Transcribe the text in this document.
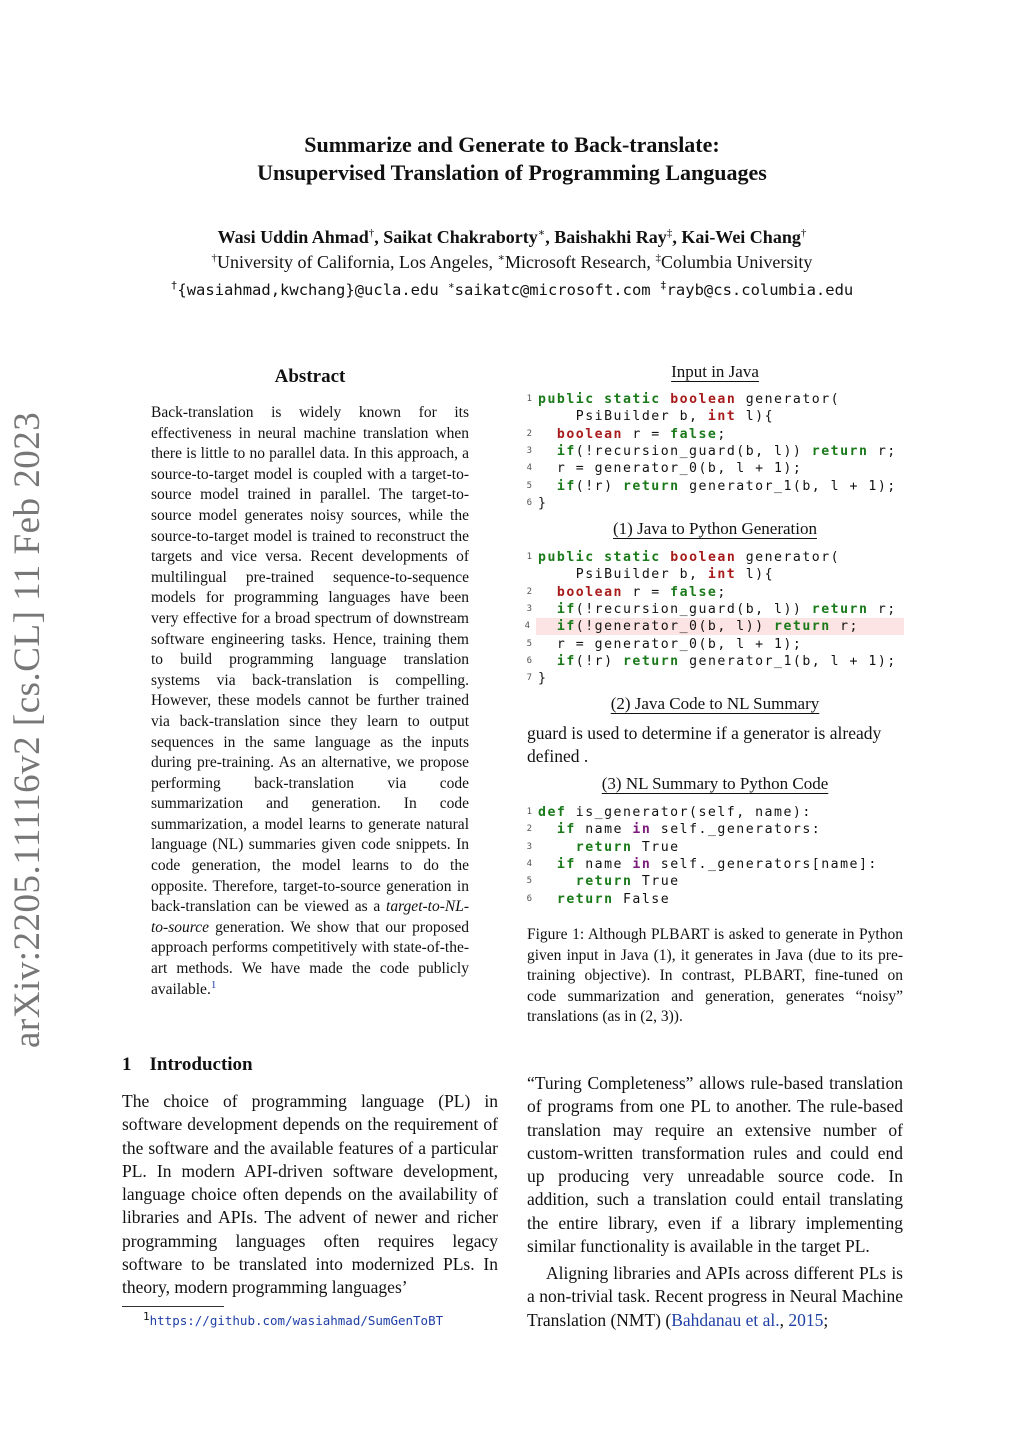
Summarize and Generate to Back-translate:
Unsupervised Translation of Programming Languages
Wasi Uddin Ahmad†, Saikat Chakraborty∗, Baishakhi Ray‡, Kai-Wei Chang†
†University of California, Los Angeles, ∗Microsoft Research, ‡Columbia University
†{wasiahmad,kwchang}@ucla.edu ∗saikatc@microsoft.com ‡rayb@cs.columbia.edu
arXiv:2205.11116v2 [cs.CL] 11 Feb 2023
Abstract
Back-translation is widely known for its effectiveness in neural machine translation when there is little to no parallel data. In this approach, a source-to-target model is coupled with a target-to-source model trained in parallel. The target-to-source model generates noisy sources, while the source-to-target model is trained to reconstruct the targets and vice versa. Recent developments of multilingual pre-trained sequence-to-sequence models for programming languages have been very effective for a broad spectrum of downstream software engineering tasks. Hence, training them to build programming language translation systems via back-translation is compelling. However, these models cannot be further trained via back-translation since they learn to output sequences in the same language as the inputs during pre-training. As an alternative, we propose performing back-translation via code summarization and generation. In code summarization, a model learns to generate natural language (NL) summaries given code snippets. In code generation, the model learns to do the opposite. Therefore, target-to-source generation in back-translation can be viewed as a target-to-NL-to-source generation. We show that our proposed approach performs competitively with state-of-the-art methods. We have made the code publicly available.$^1$
1 Introduction
The choice of programming language (PL) in software development depends on the requirement of the software and the available features of a particular PL. In modern API-driven software development, language choice often depends on the availability of libraries and APIs. The advent of newer and richer programming languages often requires legacy software to be translated into modernized PLs. In theory, modern programming languages’
“Turing Completeness” allows rule-based translation of programs from one PL to another. The rule-based translation may require an extensive number of custom-written transformation rules and could end up producing very unreadable source code. In addition, such a translation could entail translating the entire library, even if a library implementing similar functionality is available in the target PL.
Aligning libraries and APIs across different PLs is a non-trivial task. Recent progress in Neural Machine Translation (NMT) (Bahdanau et al., 2015;
$^1$https://github.com/wasiahmad/SumGenToBT
Input in Java
1 public static boolean generator(
PsiBuilder b, int l){
2 boolean r = false;
3 if(!recursion_guard(b, l)) return r;
4 r = generator_0(b, l + 1);
5 if(!r) return generator_1(b, l + 1);
6 }
(1) Java to Python Generation
1 public static boolean generator(
PsiBuilder b, int l){
2 boolean r = false;
3 if(!recursion_guard(b, l)) return r;
4 if(!generator_0(b, l)) return r;
5 r = generator_0(b, l + 1);
6 if(!r) return generator_1(b, l + 1);
7 }
(2) Java Code to NL Summary
guard is used to determine if a generator is already defined .
(3) NL Summary to Python Code
1 def is_generator(self, name):
2 if name in self._generators:
3	return True
4 if name in self._generators[name]:
5	return True
6 return False
Figure 1: Although PLBART is asked to generate in Python given input in Java (1), it generates in Java (due to its pre-training objective). In contrast, PLBART, fine-tuned on code summarization and generation, generates “noisy” translations (as in (2, 3)).
